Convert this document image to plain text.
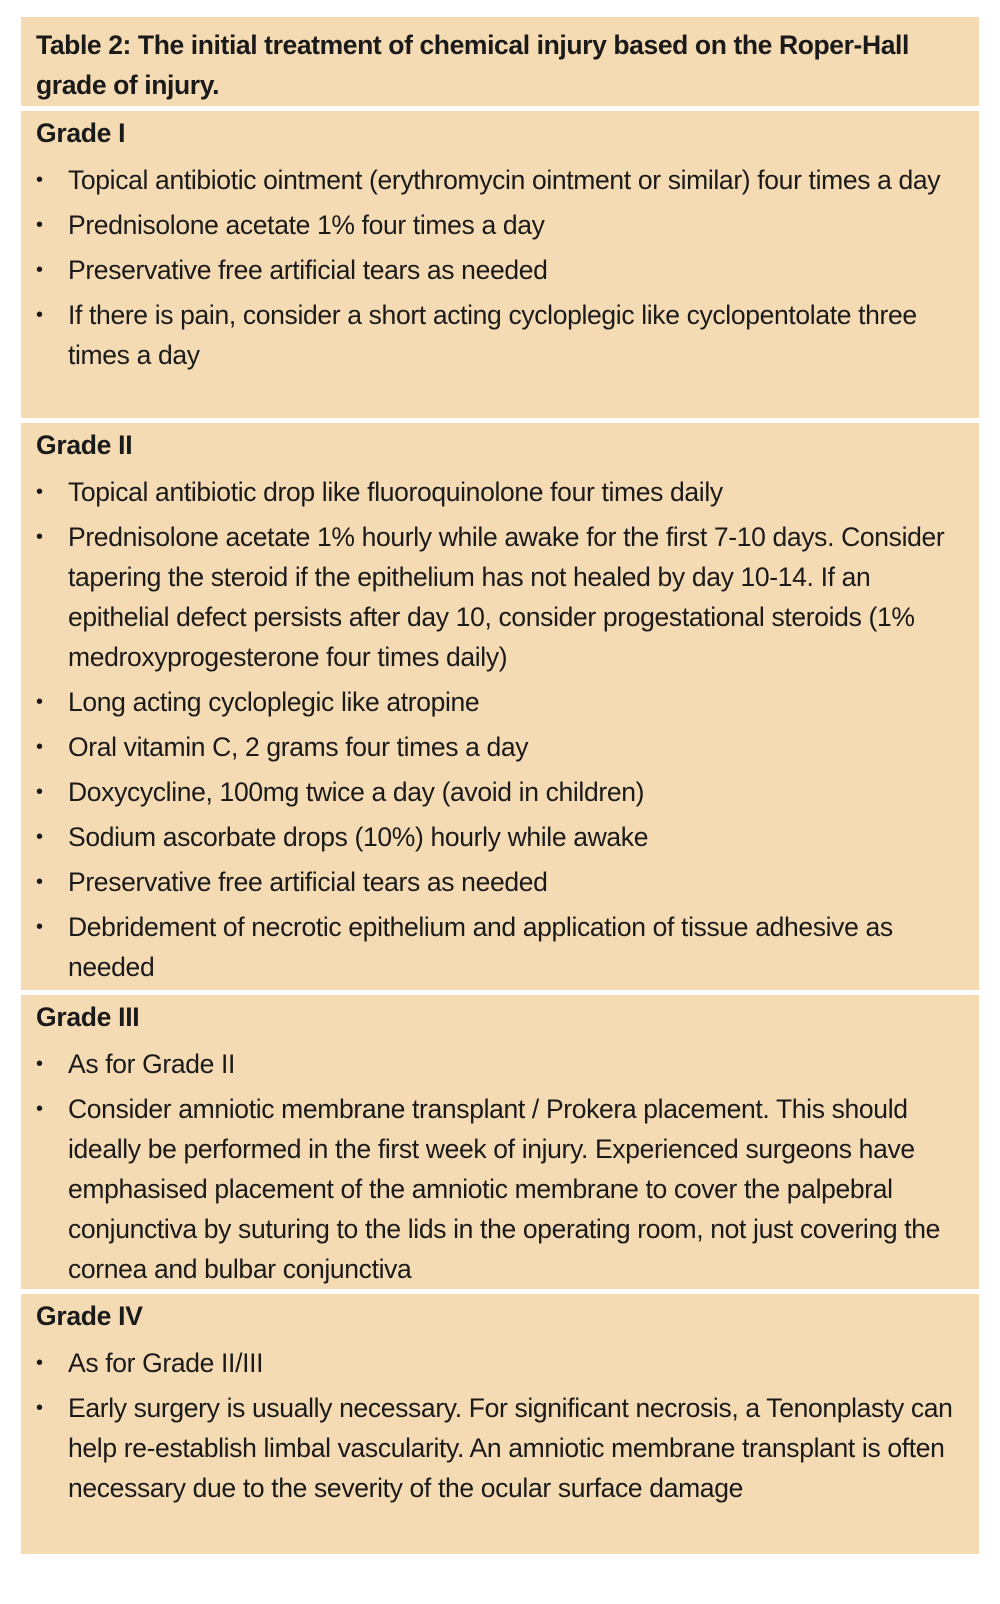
Table 2: The initial treatment of chemical injury based on the Roper-Hall grade of injury.

Grade I

• Topical antibiotic ointment (erythromycin ointment or similar) four times a day
• Prednisolone acetate 1% four times a day
• Preservative free artificial tears as needed
• If there is pain, consider a short acting cycloplegic like cyclopentolate three times a day

Grade II

• Topical antibiotic drop like fluoroquinolone four times daily
• Prednisolone acetate 1% hourly while awake for the first 7-10 days. Consider tapering the steroid if the epithelium has not healed by day 10-14. If an epithelial defect persists after day 10, consider progestational steroids (1% medroxyprogesterone four times daily)
• Long acting cycloplegic like atropine
• Oral vitamin C, 2 grams four times a day
• Doxycycline, 100mg twice a day (avoid in children)
• Sodium ascorbate drops (10%) hourly while awake
• Preservative free artificial tears as needed
• Debridement of necrotic epithelium and application of tissue adhesive as needed

Grade III

• As for Grade II
• Consider amniotic membrane transplant / Prokera placement. This should ideally be performed in the first week of injury. Experienced surgeons have emphasised placement of the amniotic membrane to cover the palpebral conjunctiva by suturing to the lids in the operating room, not just covering the cornea and bulbar conjunctiva

Grade IV

• As for Grade II/III
• Early surgery is usually necessary. For significant necrosis, a Tenonplasty can help re-establish limbal vascularity. An amniotic membrane transplant is often necessary due to the severity of the ocular surface damage
